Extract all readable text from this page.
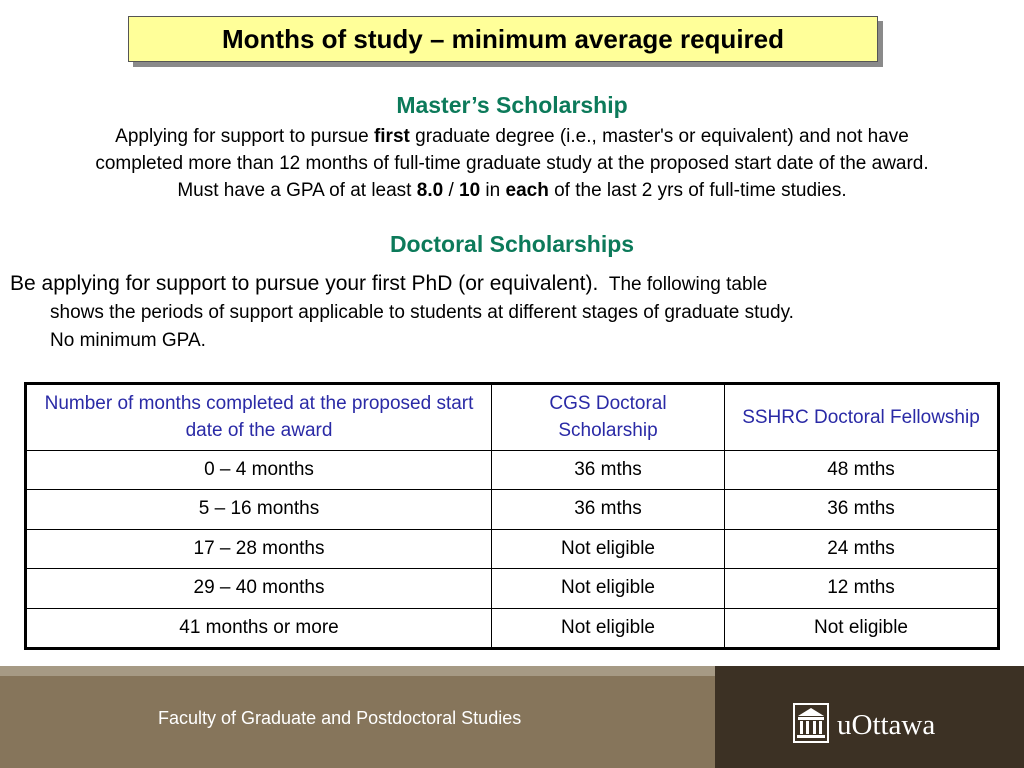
Months of study – minimum average required
Master’s Scholarship
Applying for support to pursue first graduate degree (i.e., master's or equivalent) and not have
completed more than 12 months of full-time graduate study at the proposed start date of the award.
Must have a GPA of at least 8.0 / 10 in each of the last 2 yrs of full-time studies.
Doctoral Scholarships
Be applying for support to pursue your first PhD (or equivalent). The following table
shows the periods of support applicable to students at different stages of graduate study.
No minimum GPA.
Number of months completed at the proposed start date of the award	CGS Doctoral Scholarship	SSHRC Doctoral Fellowship
0 – 4 months	36 mths	48 mths
5 – 16 months	36 mths	36 mths
17 – 28 months	Not eligible	24 mths
29 – 40 months	Not eligible	12 mths
41 months or more	Not eligible	Not eligible
Faculty of Graduate and Postdoctoral Studies	uOttawa
